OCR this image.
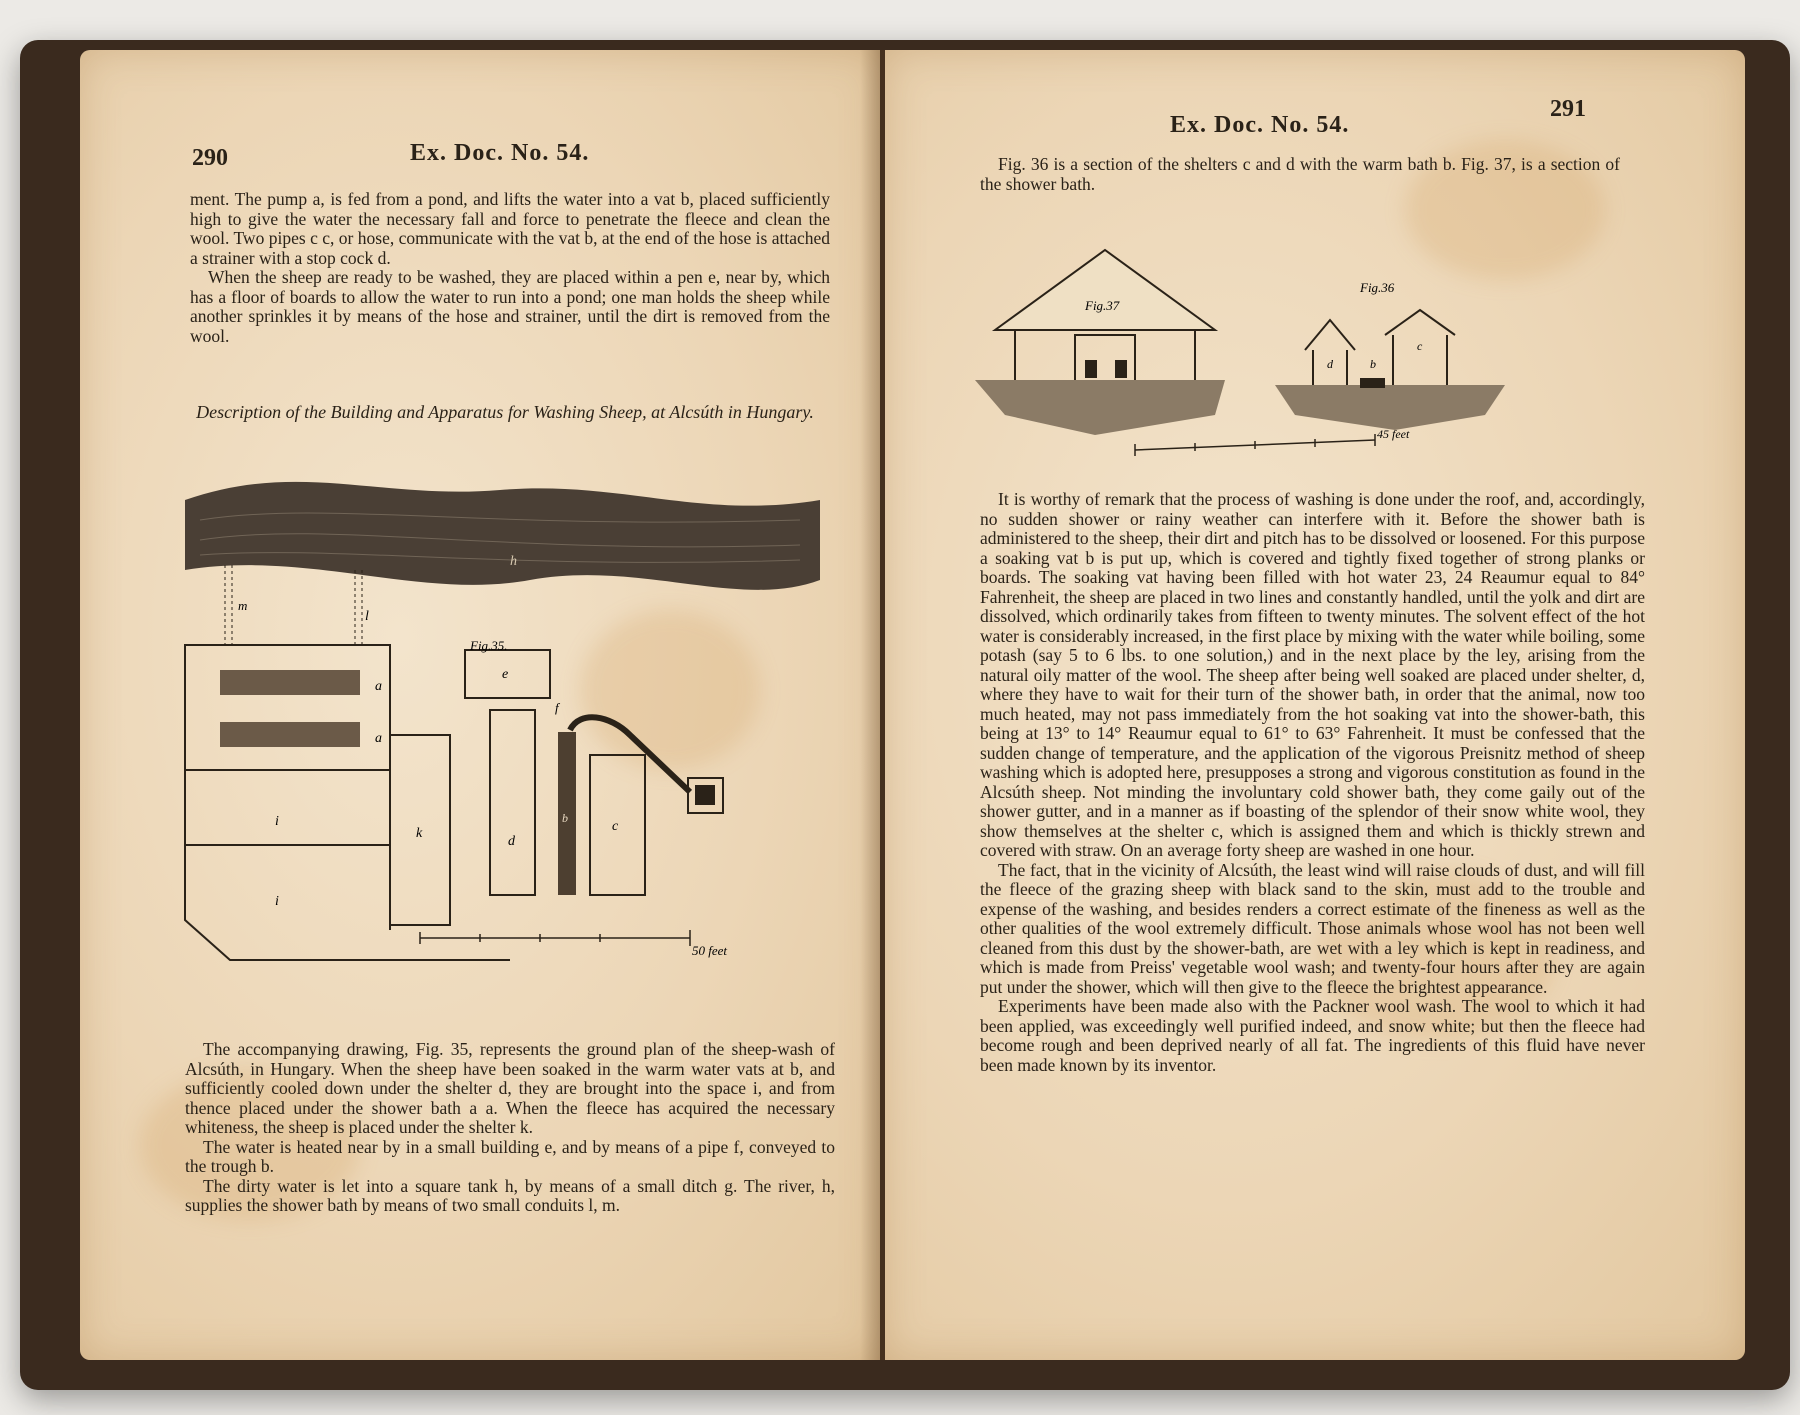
290	Ex. Doc. No. 54.

ment. The pump a, is fed from a pond, and lifts the water into a vat b, placed sufficiently high to give the water the necessary fall and force to penetrate the fleece and clean the wool. Two pipes c c, or hose, communicate with the vat b, at the end of the hose is attached a strainer with a stop cock d.

When the sheep are ready to be washed, they are placed within a pen e, near by, which has a floor of boards to allow the water to run into a pond; one man holds the sheep while another sprinkles it by means of the hose and strainer, until the dirt is removed from the wool.

Description of the Building and Apparatus for Washing Sheep, at Alcsúth in Hungary.
h
m
l
a
a
b
f
Fig.35.
e
i
i
k
d
c
50 feet

The accompanying drawing, Fig. 35, represents the ground plan of the sheep-wash of Alcsúth, in Hungary. When the sheep have been soaked in the warm water vats at b, and sufficiently cooled down under the shelter d, they are brought into the space i, and from thence placed under the shower bath a a. When the fleece has acquired the necessary whiteness, the sheep is placed under the shelter k.

The water is heated near by in a small building e, and by means of a pipe f, conveyed to the trough b.

The dirty water is let into a square tank h, by means of a small ditch g. The river, h, supplies the shower bath by means of two small conduits l, m.

Ex. Doc. No. 54.
291

Fig. 36 is a section of the shelters c and d with the warm bath b. Fig. 37, is a section of the shower bath.

Fig.37
Fig.36
d	b
c
45 feet

It is worthy of remark that the process of washing is done under the roof, and, accordingly, no sudden shower or rainy weather can interfere with it. Before the shower bath is administered to the sheep, their dirt and pitch has to be dissolved or loosened. For this purpose a soaking vat b is put up, which is covered and tightly fixed together of strong planks or boards. The soaking vat having been filled with hot water 23, 24 Reaumur equal to 84° Fahrenheit, the sheep are placed in two lines and constantly handled, until the yolk and dirt are dissolved, which ordinarily takes from fifteen to twenty minutes. The solvent effect of the hot water is considerably increased, in the first place by mixing with the water while boiling, some potash (say 5 to 6 lbs. to one solution,) and in the next place by the ley, arising from the natural oily matter of the wool. The sheep after being well soaked are placed under shelter, d, where they have to wait for their turn of the shower bath, in order that the animal, now too much heated, may not pass immediately from the hot soaking vat into the shower-bath, this being at 13° to 14° Reaumur equal to 61° to 63° Fahrenheit. It must be confessed that the sudden change of temperature, and the application of the vigorous Preisnitz method of sheep washing which is adopted here, presupposes a strong and vigorous constitution as found in the Alcsúth sheep. Not minding the involuntary cold shower bath, they come gaily out of the shower gutter, and in a manner as if boasting of the splendor of their snow white wool, they show themselves at the shelter c, which is assigned them and which is thickly strewn and covered with straw. On an average forty sheep are washed in one hour.

The fact, that in the vicinity of Alcsúth, the least wind will raise clouds of dust, and will fill the fleece of the grazing sheep with black sand to the skin, must add to the trouble and expense of the washing, and besides renders a correct estimate of the fineness as well as the other qualities of the wool extremely difficult. Those animals whose wool has not been well cleaned from this dust by the shower-bath, are wet with a ley which is kept in readiness, and which is made from Preiss' vegetable wool wash; and twenty-four hours after they are again put under the shower, which will then give to the fleece the brightest appearance.

Experiments have been made also with the Packner wool wash. The wool to which it had been applied, was exceedingly well purified indeed, and snow white; but then the fleece had become rough and been deprived nearly of all fat. The ingredients of this fluid have never been made known by its inventor.
